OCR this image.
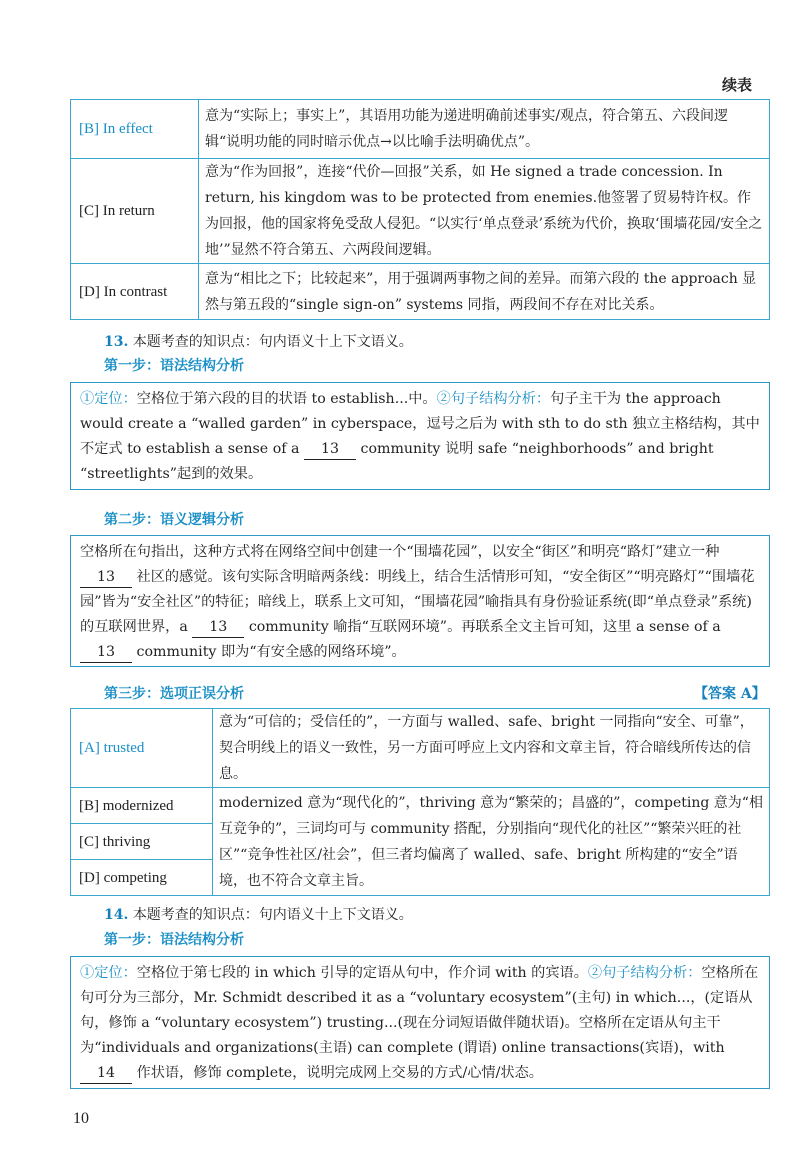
续表
[B] In effect	意为“实际上；事实上”，其语用功能为递进明确前述事实/观点，符合第五、六段间逻辑“说明功能的同时暗示优点→以比喻手法明确优点”。
[C] In return	意为“作为回报”，连接“代价—回报”关系，如 He signed a trade concession. In return, his kingdom was to be protected from enemies.他签署了贸易特许权。作为回报，他的国家将免受敌人侵犯。“以实行‘单点登录’系统为代价，换取‘围墙花园/安全之地’”显然不符合第五、六两段间逻辑。
[D] In contrast	意为“相比之下；比较起来”，用于强调两事物之间的差异。而第六段的 the approach 显然与第五段的“single sign-on” systems 同指，两段间不存在对比关系。
13. 本题考查的知识点：句内语义十上下文语义。
第一步：语法结构分析
①定位：空格位于第六段的目的状语 to establish...中。②句子结构分析：句子主干为 the approach would create a “walled garden” in cyberspace，逗号之后为 with sth to do sth 独立主格结构，其中不定式 to establish a sense of a 13 community 说明 safe “neighborhoods” and bright “streetlights”起到的效果。
第二步：语义逻辑分析
空格所在句指出，这种方式将在网络空间中创建一个“围墙花园”，以安全“街区”和明亮“路灯”建立一种 13 社区的感觉。该句实际含明暗两条线：明线上，结合生活情形可知，“安全街区”“明亮路灯”“围墙花园”皆为“安全社区”的特征；暗线上，联系上文可知，“围墙花园”喻指具有身份验证系统(即“单点登录”系统)的互联网世界，a 13 community 喻指“互联网环境”。再联系全文主旨可知，这里 a sense of a 13 community 即为“有安全感的网络环境”。
第三步：选项正误分析	【答案 A】
[A] trusted	意为“可信的；受信任的”，一方面与 walled、safe、bright 一同指向“安全、可靠”，契合明线上的语义一致性，另一方面可呼应上文内容和文章主旨，符合暗线所传达的信息。
[B] modernized	modernized 意为“现代化的”，thriving 意为“繁荣的；昌盛的”，competing 意为“相互竞争的”，三词均可与 community 搭配，分别指向“现代化的社区”“繁荣兴旺的社区”“竞争性社区/社会”，但三者均偏离了 walled、safe、bright 所构建的“安全”语境，也不符合文章主旨。
[C] thriving	
[D] competing	
14. 本题考查的知识点：句内语义十上下文语义。
第一步：语法结构分析
①定位：空格位于第七段的 in which 引导的定语从句中，作介词 with 的宾语。②句子结构分析：空格所在句可分为三部分，Mr. Schmidt described it as a “voluntary ecosystem”(主句) in which...，(定语从句，修饰 a “voluntary ecosystem”) trusting...(现在分词短语做伴随状语)。空格所在定语从句主干为“individuals and organizations(主语) can complete (谓语) online transactions(宾语)，with 14 作状语，修饰 complete，说明完成网上交易的方式/心情/状态。
10
